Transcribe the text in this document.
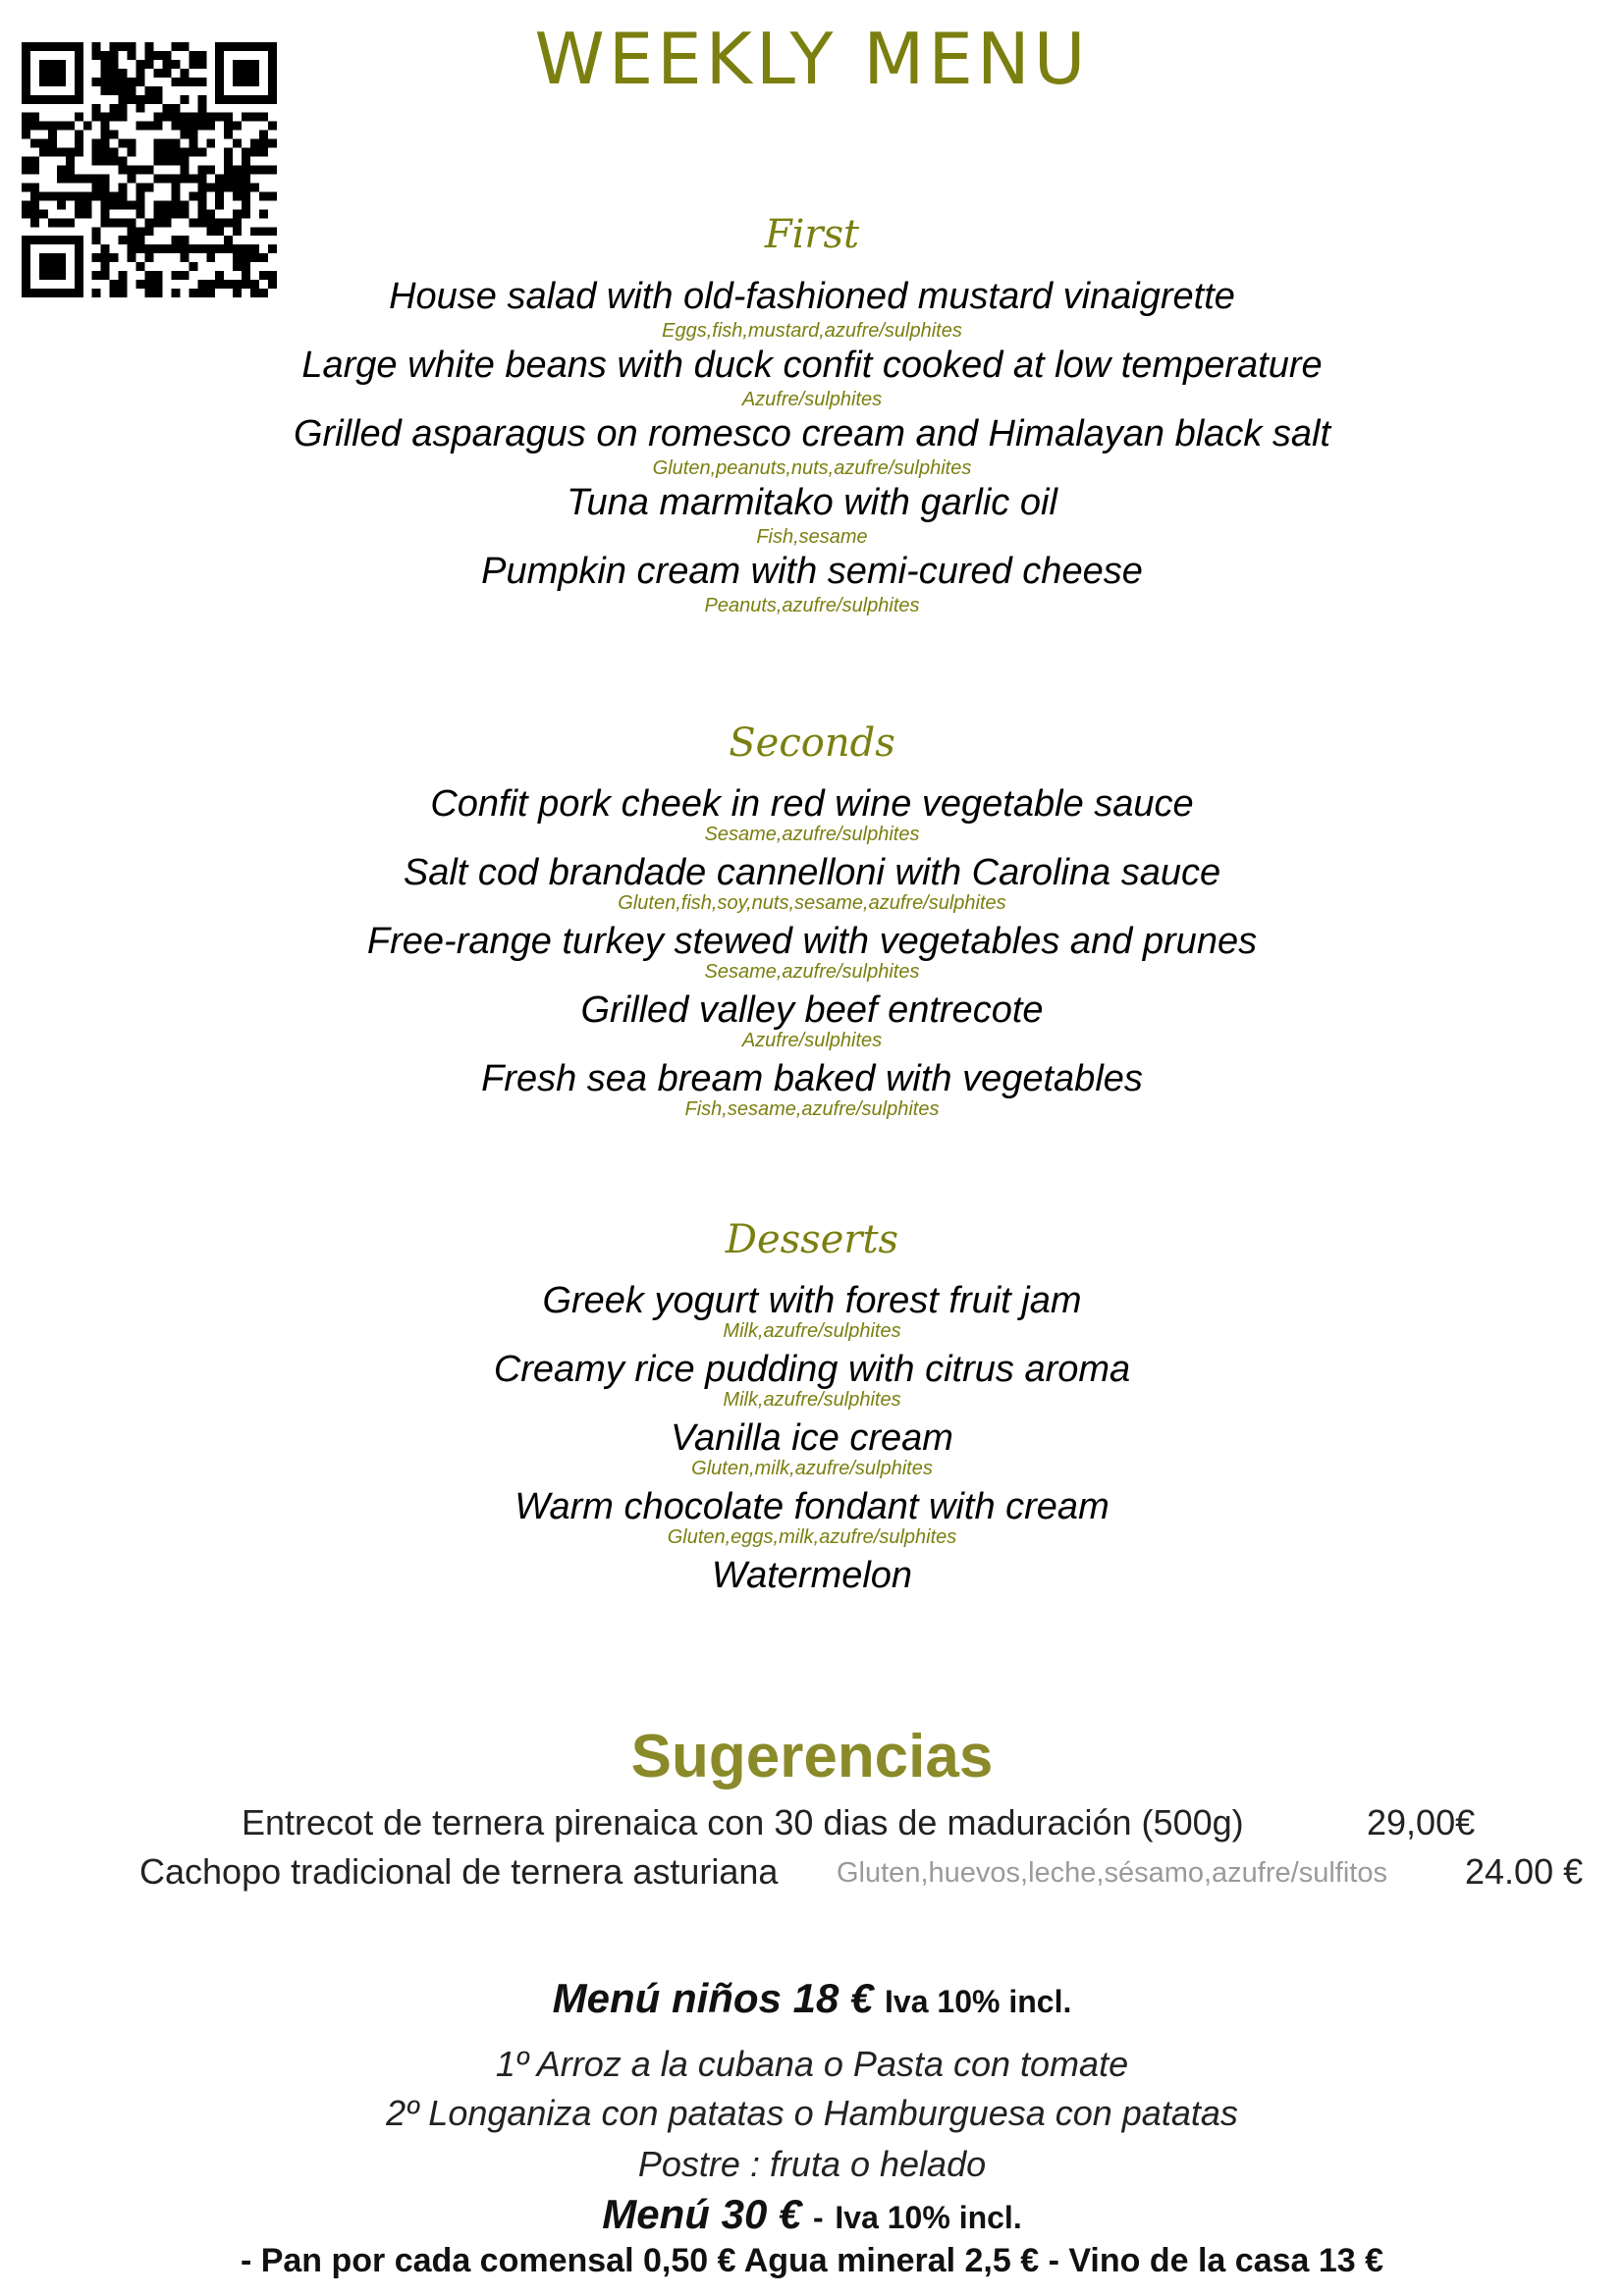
WEEKLY MENU
First
House salad with old-fashioned mustard vinaigrette
Eggs,fish,mustard,azufre/sulphites
Large white beans with duck confit cooked at low temperature
Azufre/sulphites
Grilled asparagus on romesco cream and Himalayan black salt
Gluten,peanuts,nuts,azufre/sulphites
Tuna marmitako with garlic oil
Fish,sesame
Pumpkin cream with semi-cured cheese
Peanuts,azufre/sulphites
Seconds
Confit pork cheek in red wine vegetable sauce
Sesame,azufre/sulphites
Salt cod brandade cannelloni with Carolina sauce
Gluten,fish,soy,nuts,sesame,azufre/sulphites
Free-range turkey stewed with vegetables and prunes
Sesame,azufre/sulphites
Grilled valley beef entrecote
Azufre/sulphites
Fresh sea bream baked with vegetables
Fish,sesame,azufre/sulphites
Desserts
Greek yogurt with forest fruit jam
Milk,azufre/sulphites
Creamy rice pudding with citrus aroma
Milk,azufre/sulphites
Vanilla ice cream
Gluten,milk,azufre/sulphites
Warm chocolate fondant with cream
Gluten,eggs,milk,azufre/sulphites
Watermelon
Sugerencias
Entrecot de ternera pirenaica con 30 dias de maduración (500g)	29,00€
Cachopo tradicional de ternera asturiana Gluten,huevos,leche,sésamo,azufre/sulfitos 24.00 €
Menú niños 18 € Iva 10% incl.
1º Arroz a la cubana o Pasta con tomate
2º Longaniza con patatas o Hamburguesa con patatas
Postre : fruta o helado
Menú 30 € - Iva 10% incl.
- Pan por cada comensal 0,50 € Agua mineral 2,5 € - Vino de la casa 13 €
